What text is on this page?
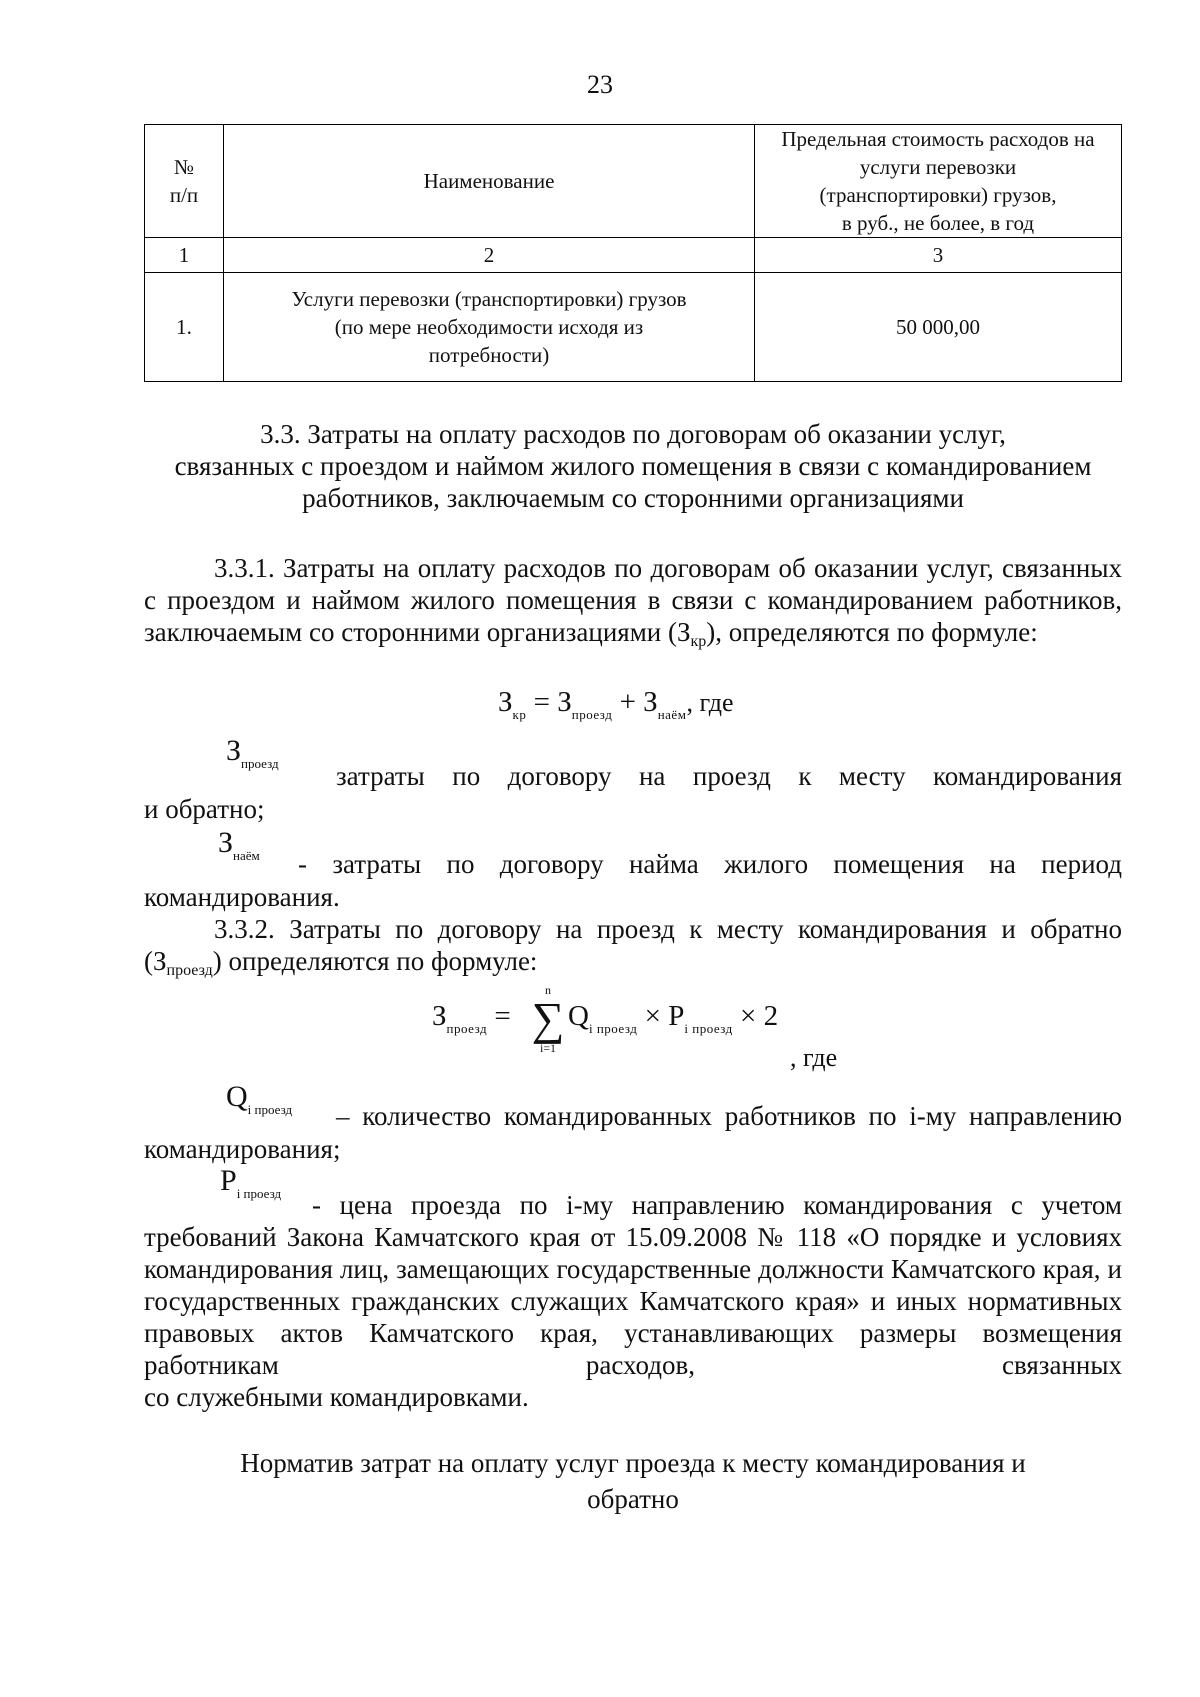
23
№
п/п	Наименование	Предельная стоимость расходов на
услуги перевозки
(транспортировки) грузов,
в руб., не более, в год
1	2	3
1.	Услуги перевозки (транспортировки) грузов
(по мере необходимости исходя из
потребности)	50 000,00
3.3. Затраты на оплату расходов по договорам об оказании услуг,
связанных с проездом и наймом жилого помещения в связи с командированием
работников, заключаемым со сторонними организациями
3.3.1. Затраты на оплату расходов по договорам об оказании услуг, связанных с проездом и наймом жилого помещения в связи с командированием работников, заключаемым со сторонними организациями $(З_{кр})$, определяются по формуле:
$З_{кр} = З_{проезд} + З_{наём}$, где
$З_{проезд}$ затраты по договору на проезд к месту командирования
и обратно;
$З_{наём}$ - затраты по договору найма жилого помещения на период
командирования.
3.3.2. Затраты по договору на проезд к месту командирования и обратно
$(З_{проезд})$ определяются по формуле:
$З_{проезд}$ =
n
∑
i=1
$Q_{i проезд} \times P_{i проезд} \times 2$
, где
$Q_{i проезд}$ – количество командированных работников по i-му направлению
командирования;
$P_{i проезд}$	- цена проезда по i-му направлению командирования с учетом требований Закона Камчатского края от 15.09.2008 № 118 «О порядке и условиях командирования лиц, замещающих государственные должности Камчатского края, и государственных гражданских служащих Камчатского края» и иных нормативных правовых актов Камчатского края, устанавливающих размеры возмещения работникам расходов, связанных
со служебными командировками.
Норматив затрат на оплату услуг проезда к месту командирования и
обратно
